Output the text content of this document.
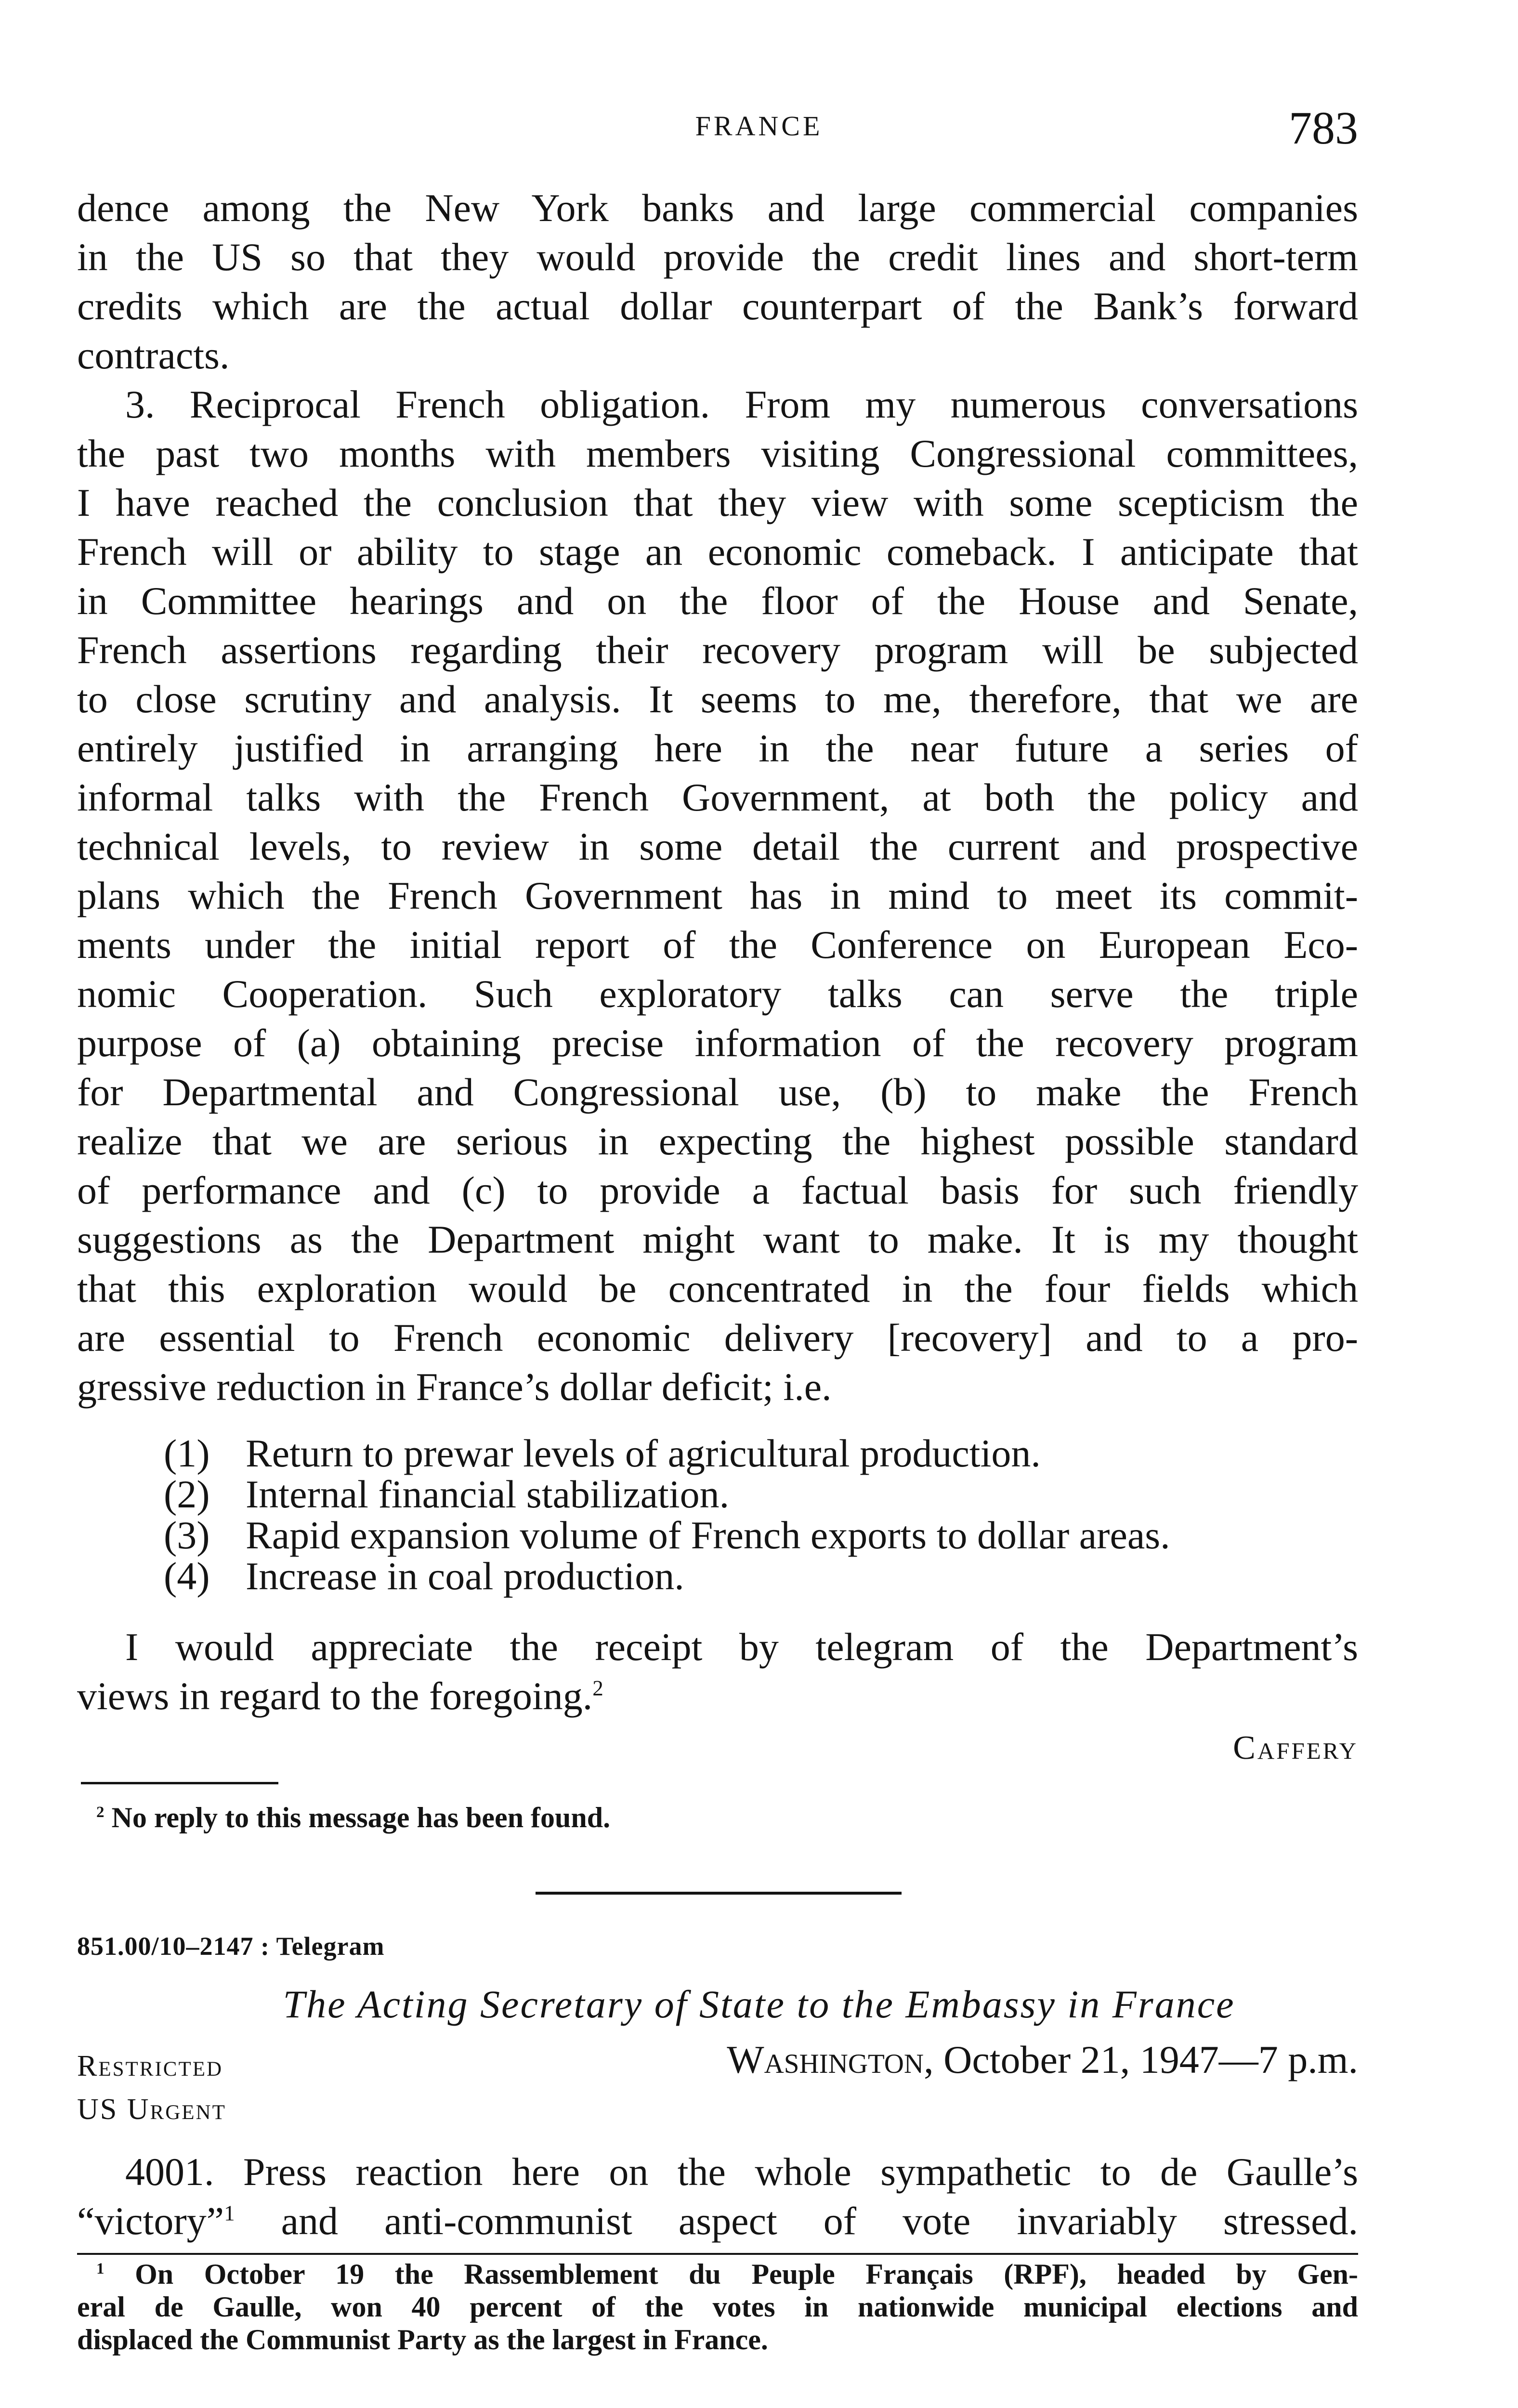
FRANCE	783
dence among the New York banks and large commercial companies
in the US so that they would provide the credit lines and short-term
credits which are the actual dollar counterpart of the Bank’s forward
contracts.
3. Reciprocal French obligation. From my numerous conversations
the past two months with members visiting Congressional committees,
I have reached the conclusion that they view with some scepticism the
French will or ability to stage an economic comeback. I anticipate that
in Committee hearings and on the floor of the House and Senate,
French assertions regarding their recovery program will be subjected
to close scrutiny and analysis. It seems to me, therefore, that we are
entirely justified in arranging here in the near future a series of
informal talks with the French Government, at both the policy and
technical levels, to review in some detail the current and prospective
plans which the French Government has in mind to meet its commit-
ments under the initial report of the Conference on European Eco-
nomic Cooperation. Such exploratory talks can serve the triple
purpose of (a) obtaining precise information of the recovery program
for Departmental and Congressional use, (b) to make the French
realize that we are serious in expecting the highest possible standard
of performance and (c) to provide a factual basis for such friendly
suggestions as the Department might want to make. It is my thought
that this exploration would be concentrated in the four fields which
are essential to French economic delivery [recovery] and to a pro-
gressive reduction in France’s dollar deficit; i.e.
(1) Return to prewar levels of agricultural production.
(2) Internal financial stabilization.
(3) Rapid expansion volume of French exports to dollar areas.
(4) Increase in coal production.
I would appreciate the receipt by telegram of the Department’s
views in regard to the foregoing.$^2$
Caffery
$^2$ No reply to this message has been found.
851.00/10–2147 : Telegram
The Acting Secretary of State to the Embassy in France
Restricted	Washington, October 21, 1947—7 p.m.
US Urgent
4001. Press reaction here on the whole sympathetic to de Gaulle’s
“victory”$^1$ and anti-communist aspect of vote invariably stressed.
$^1$ On October 19 the Rassemblement du Peuple Français (RPF), headed by Gen-
eral de Gaulle, won 40 percent of the votes in nationwide municipal elections and
displaced the Communist Party as the largest in France.
